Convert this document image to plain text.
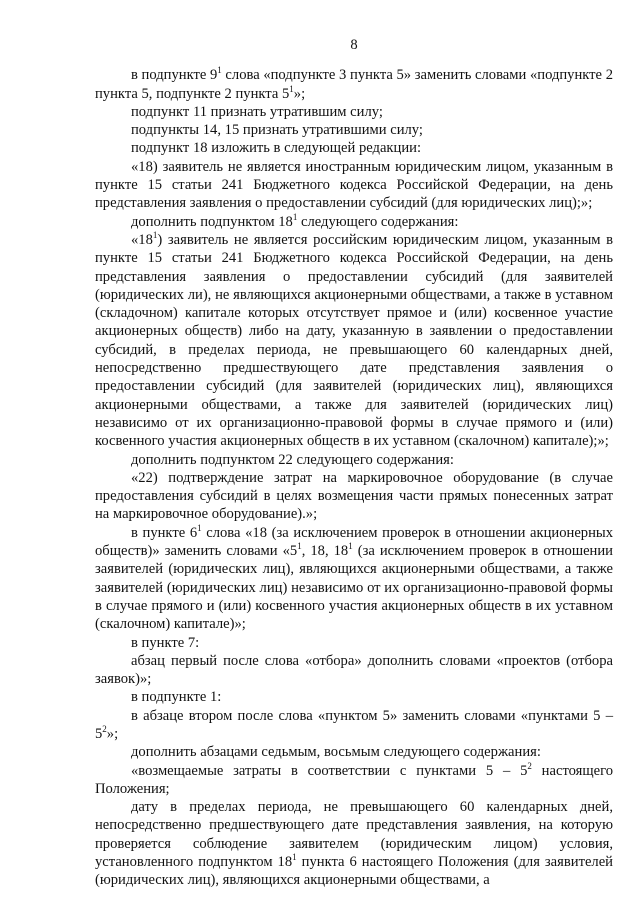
8

в подпункте $9^1$ слова «подпункте 3 пункта 5» заменить словами «подпункте 2 пункта 5, подпункте 2 пункта $5^1$»;

подпункт 11 признать утратившим силу;

подпункты 14, 15 признать утратившими силу;

подпункт 18 изложить в следующей редакции:

«18) заявитель не является иностранным юридическим лицом, указанным в пункте 15 статьи 241 Бюджетного кодекса Российской Федерации, на день представления заявления о предоставлении субсидий (для юридических лиц);»;

дополнить подпунктом $18^1$ следующего содержания:

«$18^1$) заявитель не является российским юридическим лицом, указанным в пункте 15 статьи 241 Бюджетного кодекса Российской Федерации, на день представления заявления о предоставлении субсидий (для заявителей (юридических ли), не являющихся акционерными обществами, а также в уставном (складочном) капитале которых отсутствует прямое и (или) косвенное участие акционерных обществ) либо на дату, указанную в заявлении о предоставлении субсидий, в пределах периода, не превышающего 60 календарных дней, непосредственно предшествующего дате представления заявления о предоставлении субсидий (для заявителей (юридических лиц), являющихся акционерными обществами, а также для заявителей (юридических лиц) независимо от их организационно-правовой формы в случае прямого и (или) косвенного участия акционерных обществ в их уставном (скалочном) капитале);»;

дополнить подпунктом 22 следующего содержания:

«22) подтверждение затрат на маркировочное оборудование (в случае предоставления субсидий в целях возмещения части прямых понесенных затрат на маркировочное оборудование).»;

в пункте $6^1$ слова «18 (за исключением проверок в отношении акционерных обществ)» заменить словами «$5^1$, 18, $18^1$ (за исключением проверок в отношении заявителей (юридических лиц), являющихся акционерными обществами, а также заявителей (юридических лиц) независимо от их организационно-правовой формы в случае прямого и (или) косвенного участия акционерных обществ в их уставном (скалочном) капитале)»;

в пункте 7:

абзац первый после слова «отбора» дополнить словами «проектов (отбора заявок)»;

в подпункте 1:

в абзаце втором после слова «пунктом 5» заменить словами «пунктами $5 - 5^2$»;

дополнить абзацами седьмым, восьмым следующего содержания:

«возмещаемые затраты в соответствии с пунктами $5 - 5^2$ настоящего Положения;

дату в пределах периода, не превышающего 60 календарных дней, непосредственно предшествующего дате представления заявления, на которую проверяется соблюдение заявителем (юридическим лицом) условия, установленного подпунктом $18^1$ пункта 6 настоящего Положения (для заявителей (юридических лиц), являющихся акционерными обществами, а
